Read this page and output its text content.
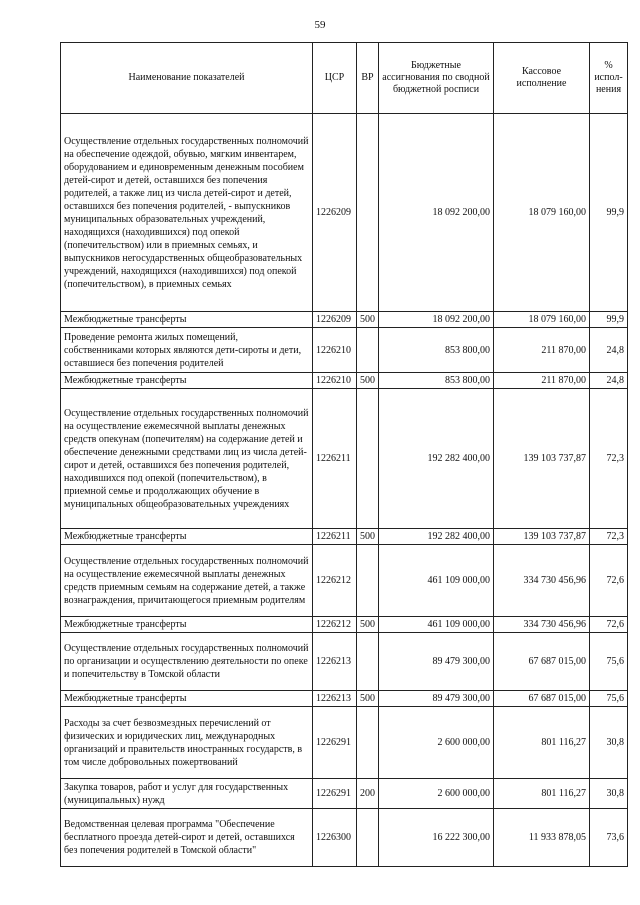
59
Наименование показателей	ЦСР	ВР	Бюджетные ассигнования по сводной бюджетной росписи	Кассовое исполнение	% испол-нения
Осуществление отдельных государственных полномочий на обеспечение одеждой, обувью, мягким инвентарем, оборудованием и единовременным денежным пособием детей-сирот и детей, оставшихся без попечения родителей, а также лиц из числа детей-сирот и детей, оставшихся без попечения родителей, - выпускников муниципальных образовательных учреждений, находящихся (находившихся) под опекой (попечительством) или в приемных семьях, и выпускников негосударственных общеобразовательных учреждений, находящихся (находившихся) под опекой (попечительством), в приемных семьях	1226209		18 092 200,00	18 079 160,00	99,9
Межбюджетные трансферты	1226209	500	18 092 200,00	18 079 160,00	99,9
Проведение ремонта жилых помещений, собственниками которых являются дети-сироты и дети, оставшиеся без попечения родителей	1226210		853 800,00	211 870,00	24,8
Межбюджетные трансферты	1226210	500	853 800,00	211 870,00	24,8
Осуществление отдельных государственных полномочий на осуществление ежемесячной выплаты денежных средств опекунам (попечителям) на содержание детей и обеспечение денежными средствами лиц из числа детей-сирот и детей, оставшихся без попечения родителей, находившихся под опекой (попечительством), в приемной семье и продолжающих обучение в муниципальных общеобразовательных учреждениях	1226211		192 282 400,00	139 103 737,87	72,3
Межбюджетные трансферты	1226211	500	192 282 400,00	139 103 737,87	72,3
Осуществление отдельных государственных полномочий на осуществление ежемесячной выплаты денежных средств приемным семьям на содержание детей, а также вознаграждения, причитающегося приемным родителям	1226212		461 109 000,00	334 730 456,96	72,6
Межбюджетные трансферты	1226212	500	461 109 000,00	334 730 456,96	72,6
Осуществление отдельных государственных полномочий по организации и осуществлению деятельности по опеке и попечительству в Томской области	1226213		89 479 300,00	67 687 015,00	75,6
Межбюджетные трансферты	1226213	500	89 479 300,00	67 687 015,00	75,6
Расходы за счет безвозмездных перечислений от физических и юридических лиц, международных организаций и правительств иностранных государств, в том числе добровольных пожертвований	1226291		2 600 000,00	801 116,27	30,8
Закупка товаров, работ и услуг для государственных (муниципальных) нужд	1226291	200	2 600 000,00	801 116,27	30,8
Ведомственная целевая программа "Обеспечение бесплатного проезда детей-сирот и детей, оставшихся без попечения родителей в Томской области"	1226300		16 222 300,00	11 933 878,05	73,6
